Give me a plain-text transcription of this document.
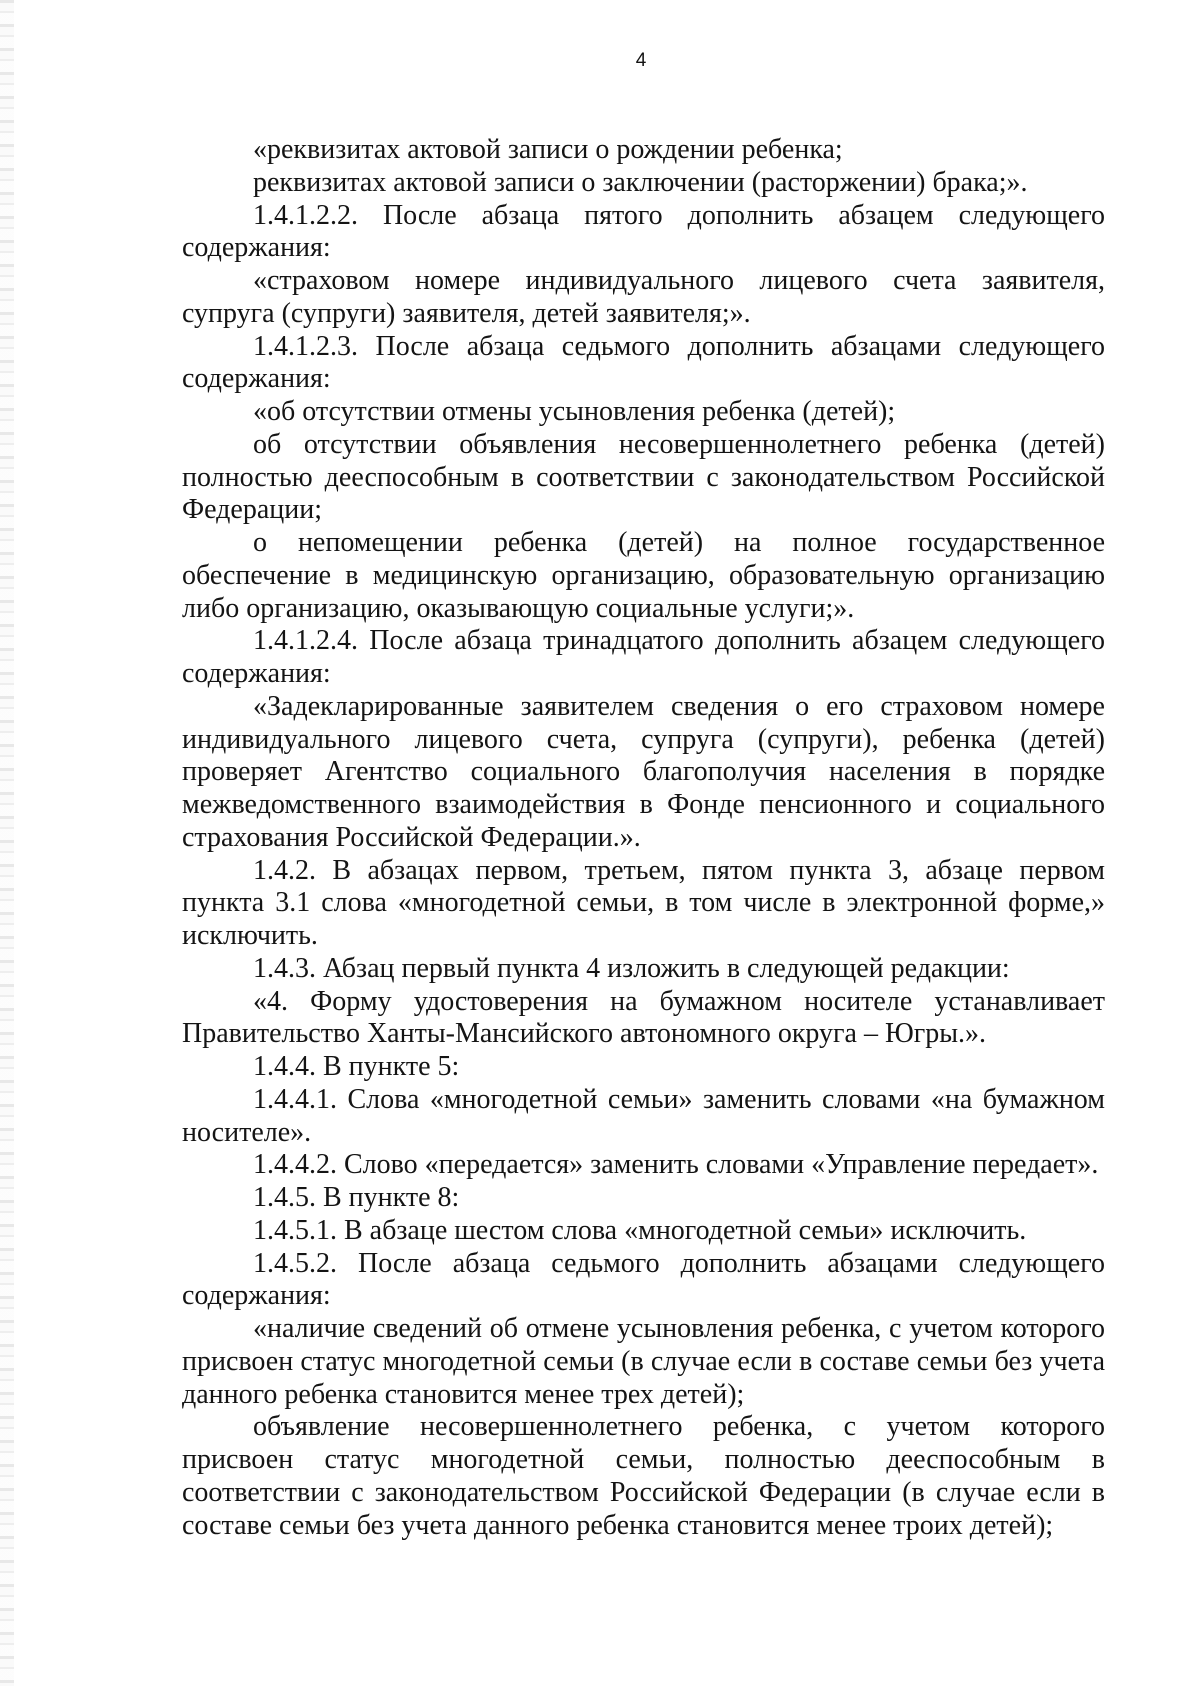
4

«реквизитах актовой записи о рождении ребенка;

реквизитах актовой записи о заключении (расторжении) брака;».

1.4.1.2.2. После абзаца пятого дополнить абзацем следующего содержания:

«страховом номере индивидуального лицевого счета заявителя, супруга (супруги) заявителя, детей заявителя;».

1.4.1.2.3. После абзаца седьмого дополнить абзацами следующего содержания:

«об отсутствии отмены усыновления ребенка (детей);

об отсутствии объявления несовершеннолетнего ребенка (детей) полностью дееспособным в соответствии с законодательством Российской Федерации;

о непомещении ребенка (детей) на полное государственное обеспечение в медицинскую организацию, образовательную организацию либо организацию, оказывающую социальные услуги;».

1.4.1.2.4. После абзаца тринадцатого дополнить абзацем следующего содержания:

«Задекларированные заявителем сведения о его страховом номере индивидуального лицевого счета, супруга (супруги), ребенка (детей) проверяет Агентство социального благополучия населения в порядке межведомственного взаимодействия в Фонде пенсионного и социального страхования Российской Федерации.».

1.4.2. В абзацах первом, третьем, пятом пункта 3, абзаце первом пункта 3.1 слова «многодетной семьи, в том числе в электронной форме,» исключить.

1.4.3. Абзац первый пункта 4 изложить в следующей редакции:

«4. Форму удостоверения на бумажном носителе устанавливает Правительство Ханты-Мансийского автономного округа – Югры.».

1.4.4. В пункте 5:

1.4.4.1. Слова «многодетной семьи» заменить словами «на бумажном носителе».

1.4.4.2. Слово «передается» заменить словами «Управление передает».

1.4.5. В пункте 8:

1.4.5.1. В абзаце шестом слова «многодетной семьи» исключить.

1.4.5.2. После абзаца седьмого дополнить абзацами следующего содержания:

«наличие сведений об отмене усыновления ребенка, с учетом которого присвоен статус многодетной семьи (в случае если в составе семьи без учета данного ребенка становится менее трех детей);

объявление несовершеннолетнего ребенка, с учетом которого присвоен статус многодетной семьи, полностью дееспособным в соответствии с законодательством Российской Федерации (в случае если в составе семьи без учета данного ребенка становится менее троих детей);
